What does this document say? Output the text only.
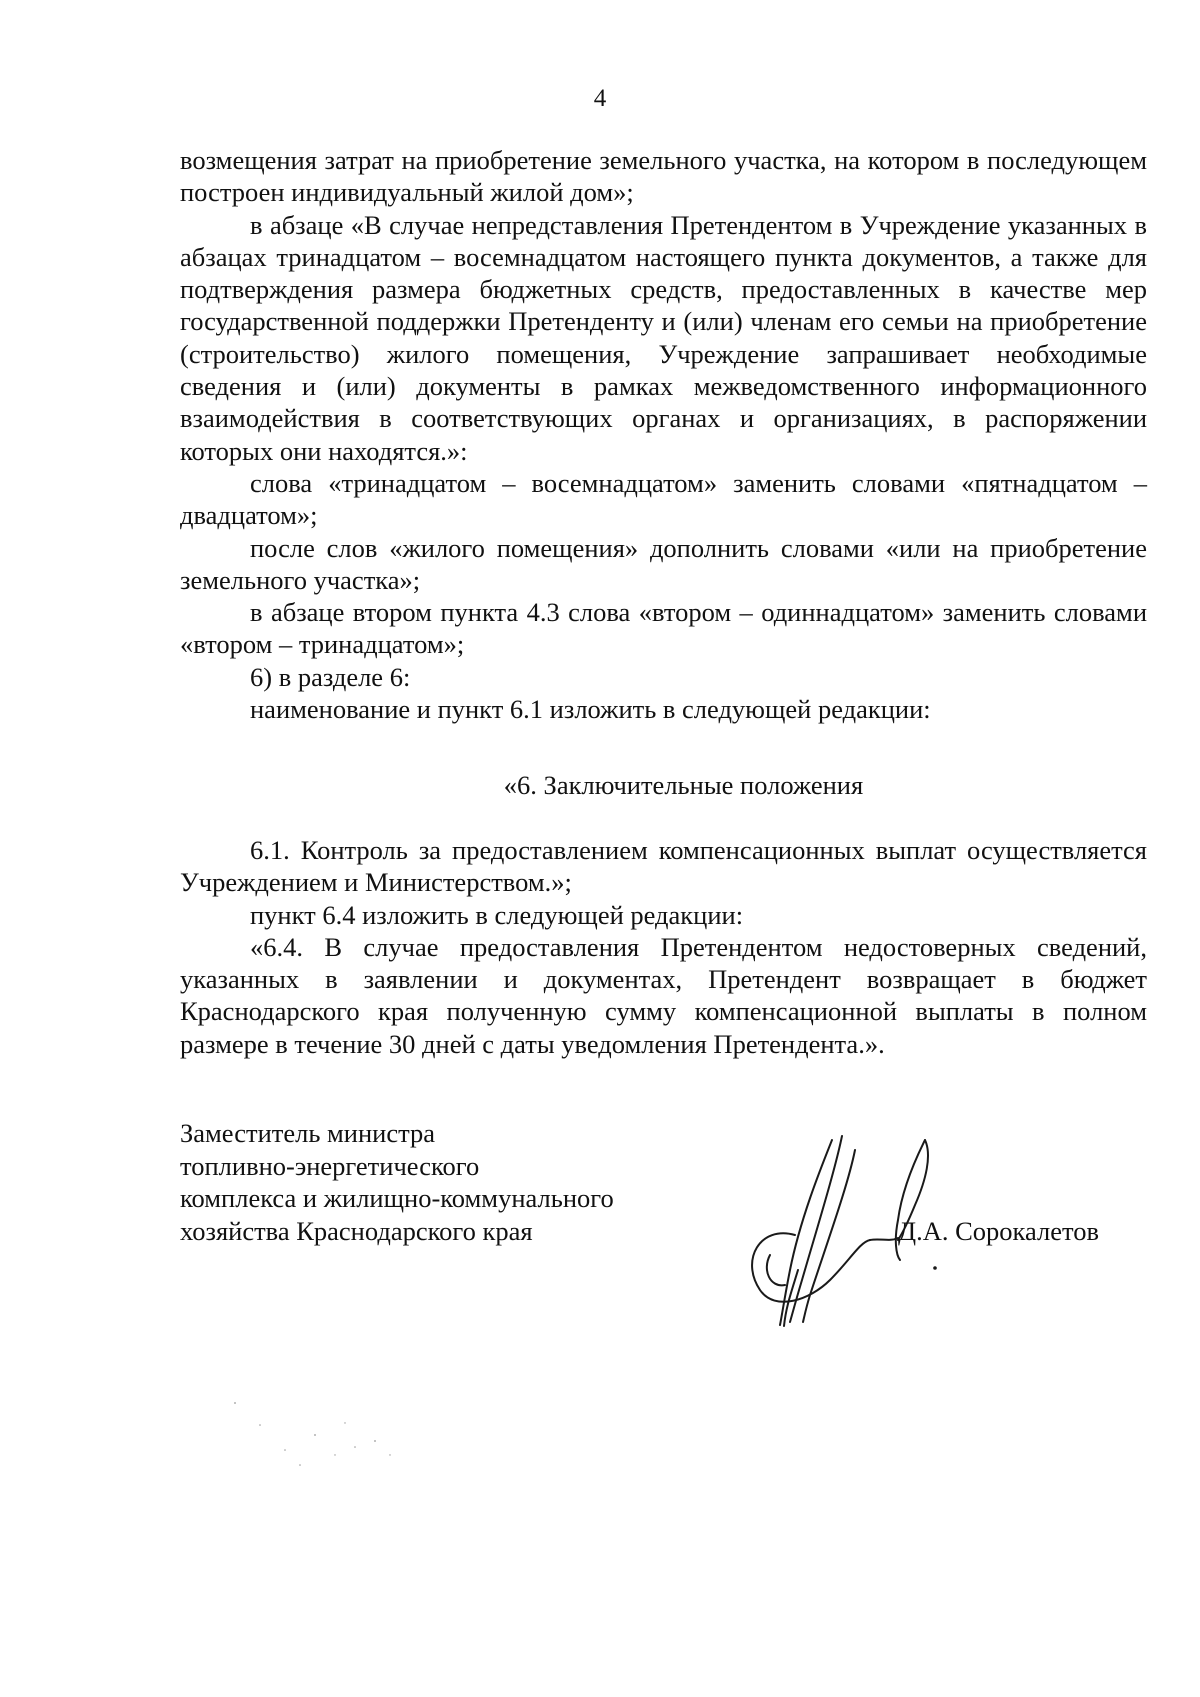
4

возмещения затрат на приобретение земельного участка, на котором в последующем построен индивидуальный жилой дом»;

в абзаце «В случае непредставления Претендентом в Учреждение указанных в абзацах тринадцатом – восемнадцатом настоящего пункта документов, а также для подтверждения размера бюджетных средств, предоставленных в качестве мер государственной поддержки Претенденту и (или) членам его семьи на приобретение (строительство) жилого помещения, Учреждение запрашивает необходимые сведения и (или) документы в рамках межведомственного информационного взаимодействия в соответствующих органах и организациях, в распоряжении которых они находятся.»:

слова «тринадцатом – восемнадцатом» заменить словами «пятнадцатом – двадцатом»;

после слов «жилого помещения» дополнить словами «или на приобретение земельного участка»;

в абзаце втором пункта 4.3 слова «втором – одиннадцатом» заменить словами «втором – тринадцатом»;

6) в разделе 6:

наименование и пункт 6.1 изложить в следующей редакции:

«6. Заключительные положения

6.1. Контроль за предоставлением компенсационных выплат осуществляется Учреждением и Министерством.»;

пункт 6.4 изложить в следующей редакции:

«6.4. В случае предоставления Претендентом недостоверных сведений, указанных в заявлении и документах, Претендент возвращает в бюджет Краснодарского края полученную сумму компенсационной выплаты в полном размере в течение 30 дней с даты уведомления Претендента.».

Заместитель министра
топливно-энергетического
комплекса и жилищно-коммунального
хозяйства Краснодарского края	Д.А. Сорокалетов
